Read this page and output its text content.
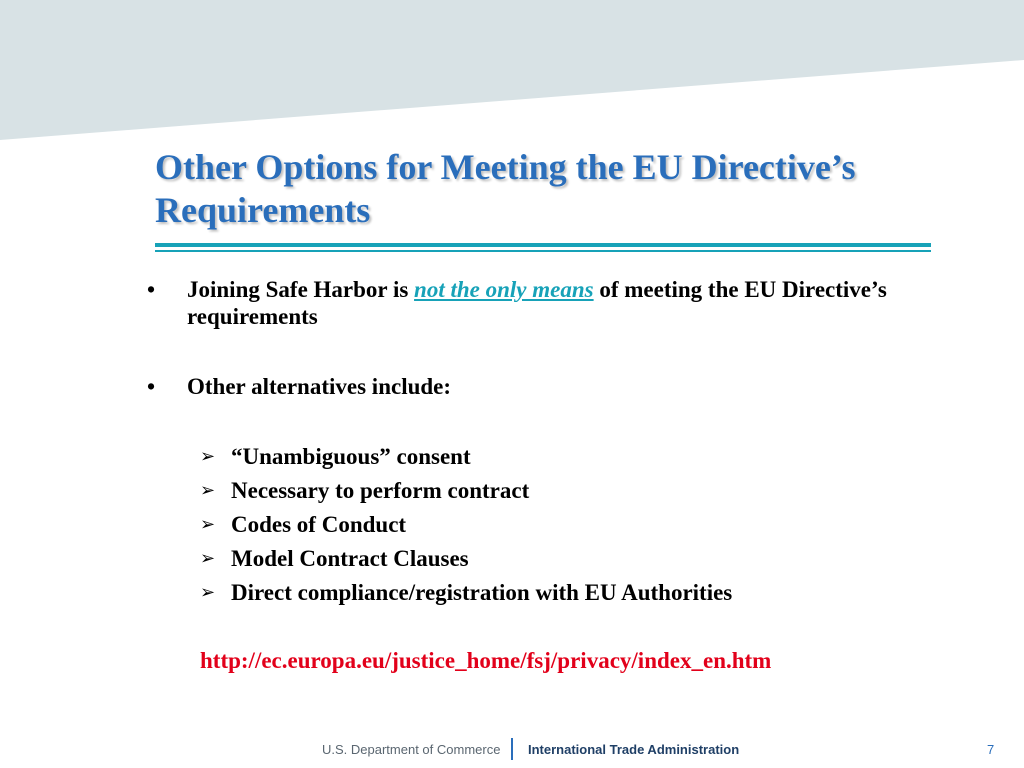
Other Options for Meeting the EU Directive’s
Requirements
• Joining Safe Harbor is not the only means of meeting the EU Directive’s requirements
• Other alternatives include:
➢ “Unambiguous” consent
➢ Necessary to perform contract
➢ Codes of Conduct
➢ Model Contract Clauses
➢ Direct compliance/registration with EU Authorities
http://ec.europa.eu/justice_home/fsj/privacy/index_en.htm
U.S. Department of Commerce International Trade Administration	7
